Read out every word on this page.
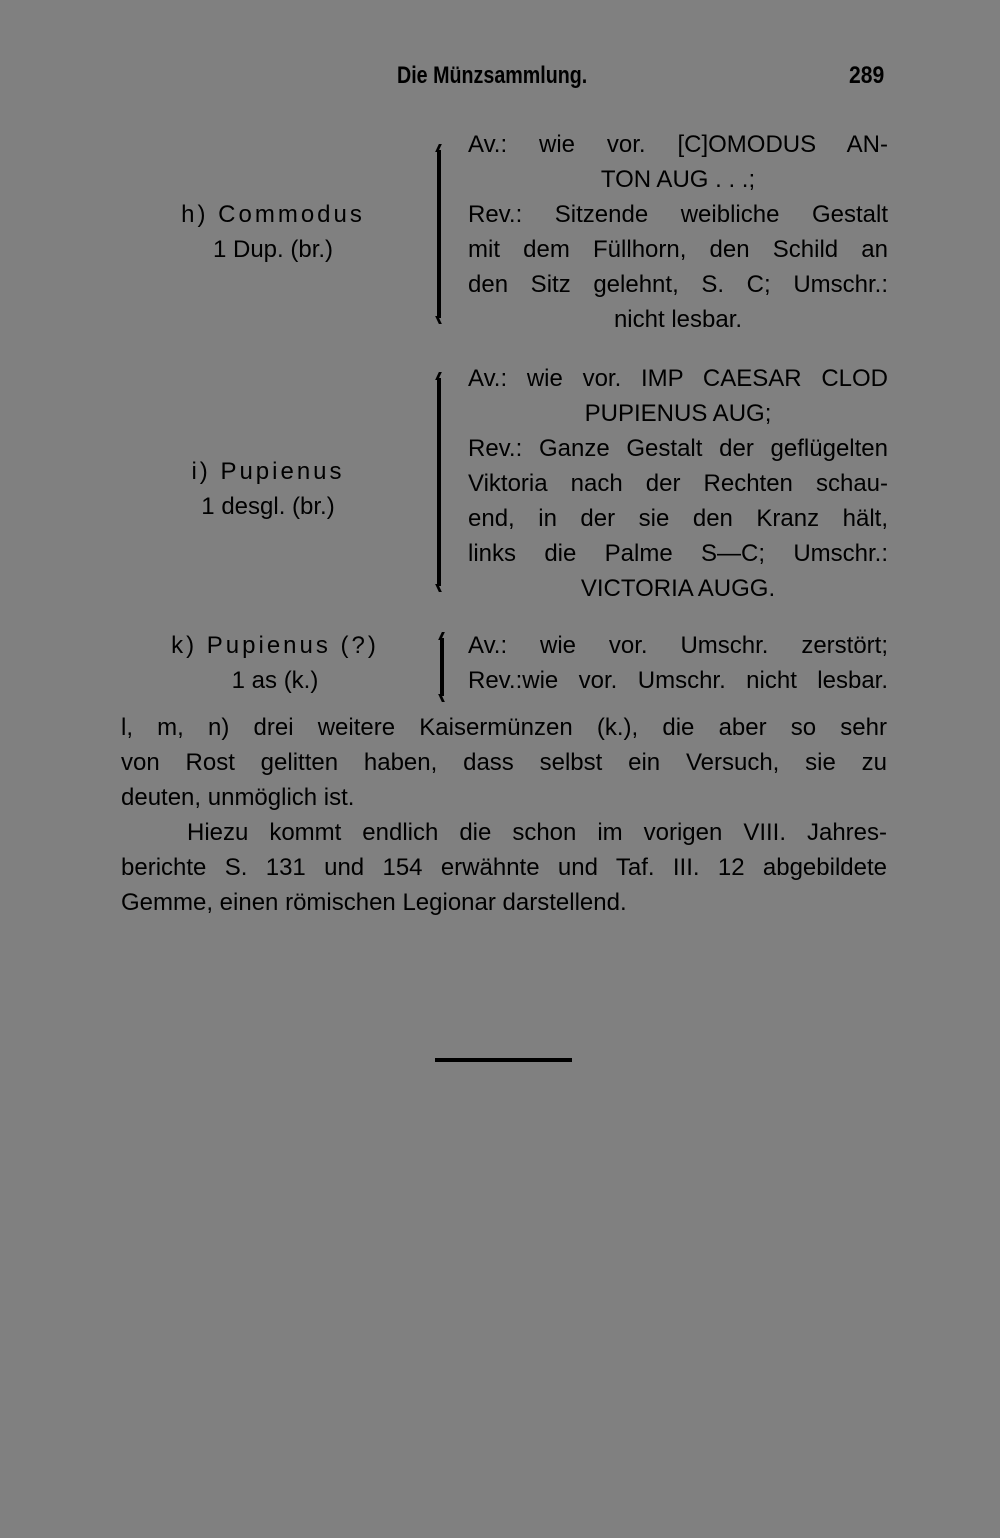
Die Münzsammlung.	289
h) Commodus
1 Dup. (br.)
Av.: wie vor. [C]OMODUS AN-
TON AUG . . .;
Rev.: Sitzende weibliche Gestalt
mit dem Füllhorn, den Schild an
den Sitz gelehnt, S. C; Umschr.:
nicht lesbar.
i) Pupienus
1 desgl. (br.)
Av.: wie vor. IMP CAESAR CLOD
PUPIENUS AUG;
Rev.: Ganze Gestalt der geflügelten
Viktoria nach der Rechten schau-
end, in der sie den Kranz hält,
links die Palme S—C; Umschr.:
VICTORIA AUGG.
k) Pupienus (?)
1 as (k.)
Av.: wie vor. Umschr. zerstört;
Rev.:wie vor. Umschr. nicht lesbar.
l, m, n) drei weitere Kaisermünzen (k.), die aber so sehr
von Rost gelitten haben, dass selbst ein Versuch, sie zu
deuten, unmöglich ist.
Hiezu kommt endlich die schon im vorigen VIII. Jahres-
berichte S. 131 und 154 erwähnte und Taf. III. 12 abgebildete
Gemme, einen römischen Legionar darstellend.
